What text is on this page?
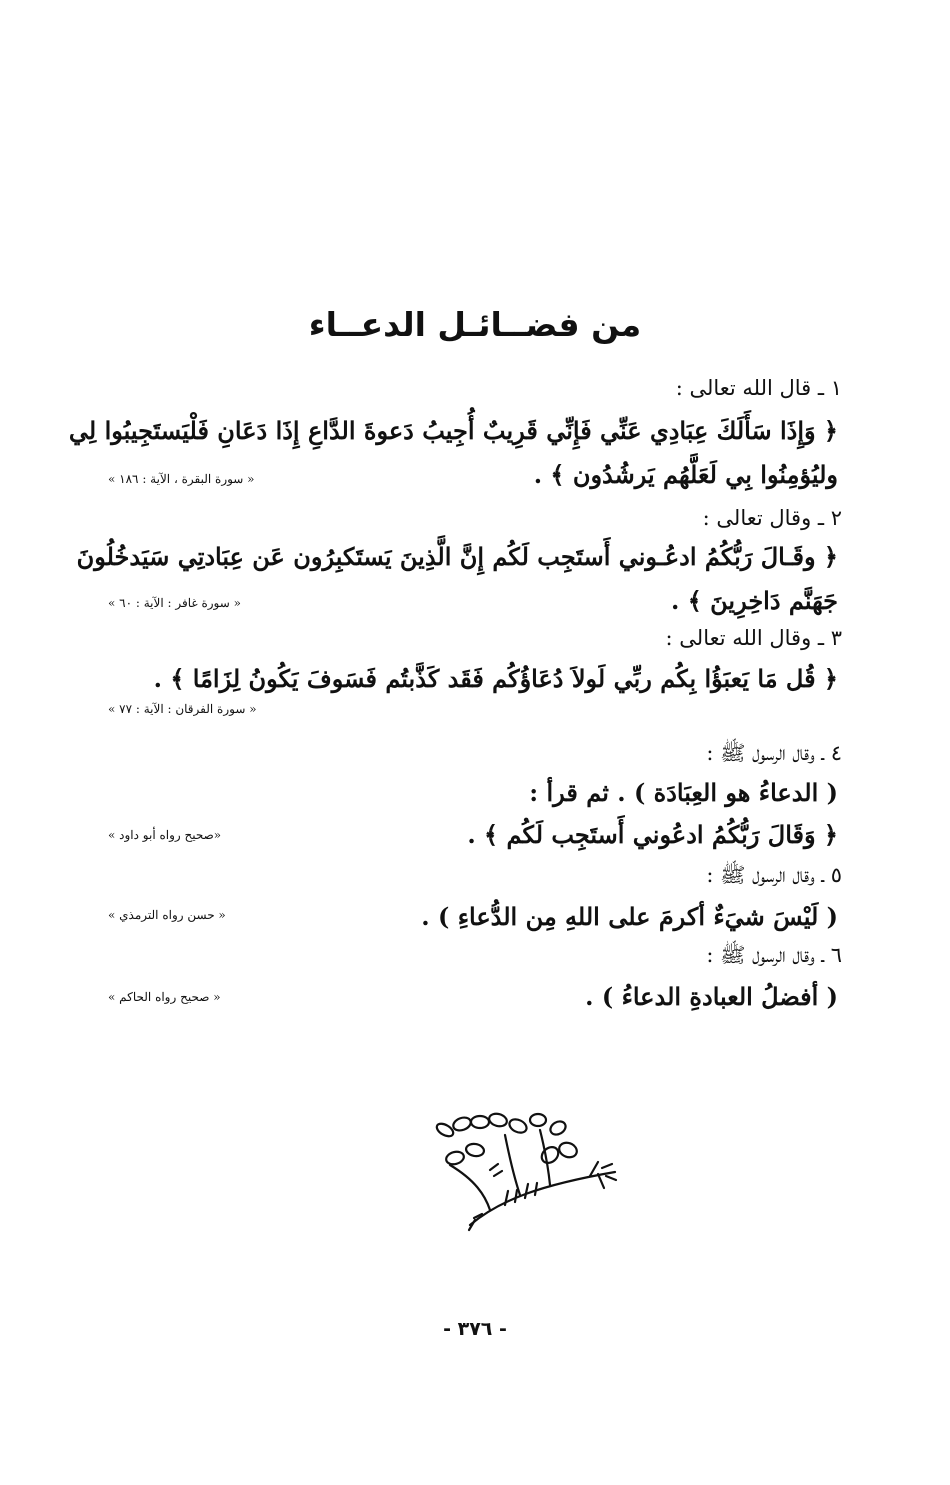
من فضــائـل الدعــاء
١ ـ قال الله تعالى :
﴿ وَإِذَا سَأَلَكَ عِبَادِي عَنِّي فَإِنِّي قَرِيبٌ أُجِيبُ دَعوةَ الدَّاعِ إِذَا دَعَانِ فَلْيَستَجِيبُوا لِي
وليُؤمِنُوا بِي لَعَلَّهُم يَرشُدُون ﴾ .
« سورة البقرة ، الآية : ١٨٦ »
٢ ـ وقال تعالى :
﴿ وقَـالَ رَبُّكُمُ ادعُـوني أَستَجِب لَكُم إِنَّ الَّذِينَ يَستَكبِرُون عَن عِبَادتِي سَيَدخُلُونَ
جَهَنَّم دَاخِرِينَ ﴾ .
« سورة غافر : الآية : ٦٠ »
٣ ـ وقال الله تعالى :
﴿ قُل مَا يَعبَؤُا بِكُم ربِّي لَولاَ دُعَاؤُكُم فَقَد كَذَّبتُم فَسَوفَ يَكُونُ لِزَامًا ﴾ .
« سورة الفرقان : الآية : ٧٧ »
٤ ـ وقال الرسول ﷺ :
( الدعاءُ هو العِبَادَة ) . ثم قرأ :
﴿ وَقَالَ رَبُّكُمُ ادعُوني أَستَجِب لَكُم ﴾ .
«صحيح رواه أبو داود »
٥ ـ وقال الرسول ﷺ :
( لَيْسَ شيَءٌ أكرمَ على اللهِ مِن الدُّعاءِ ) .
« حسن رواه الترمذي »
٦ ـ وقال الرسول ﷺ :
( أفضلُ العبادةِ الدعاءُ ) .
« صحيح رواه الحاكم »
- ٣٧٦ -
